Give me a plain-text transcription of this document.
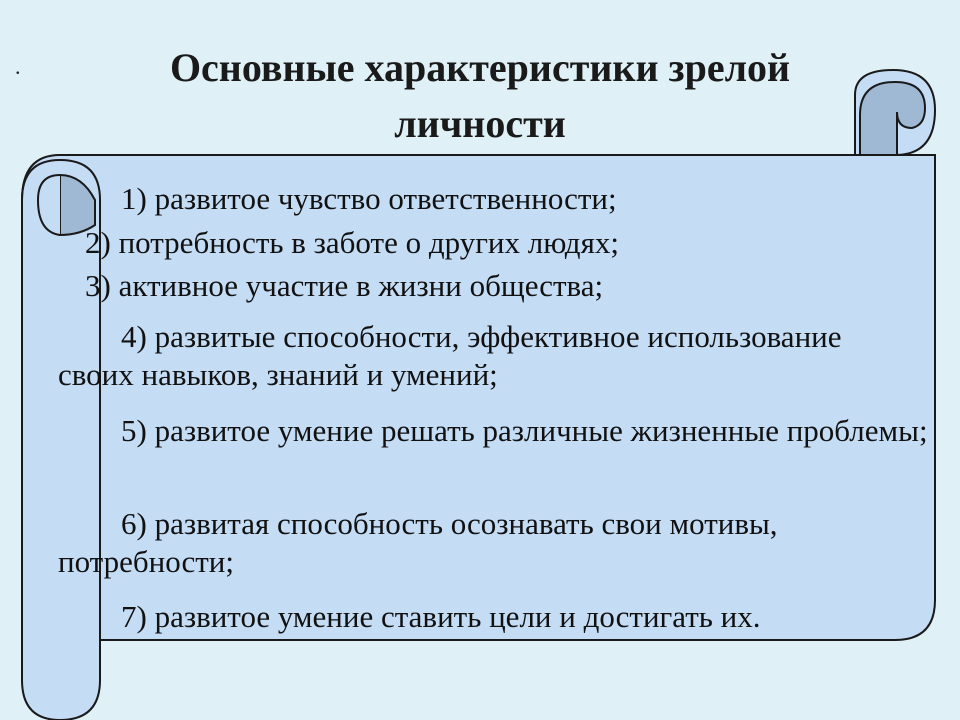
.	Основные характеристики зрелой личности
1) развитое чувство ответственности;
2) потребность в заботе о других людях;
3) активное участие в жизни общества;
4) развитые способности, эффективное использование своих навыков, знаний и умений;
5) развитое умение решать различные жизненные проблемы;
6) развитая способность осознавать свои мотивы, потребности;
7) развитое умение ставить цели и достигать их.
